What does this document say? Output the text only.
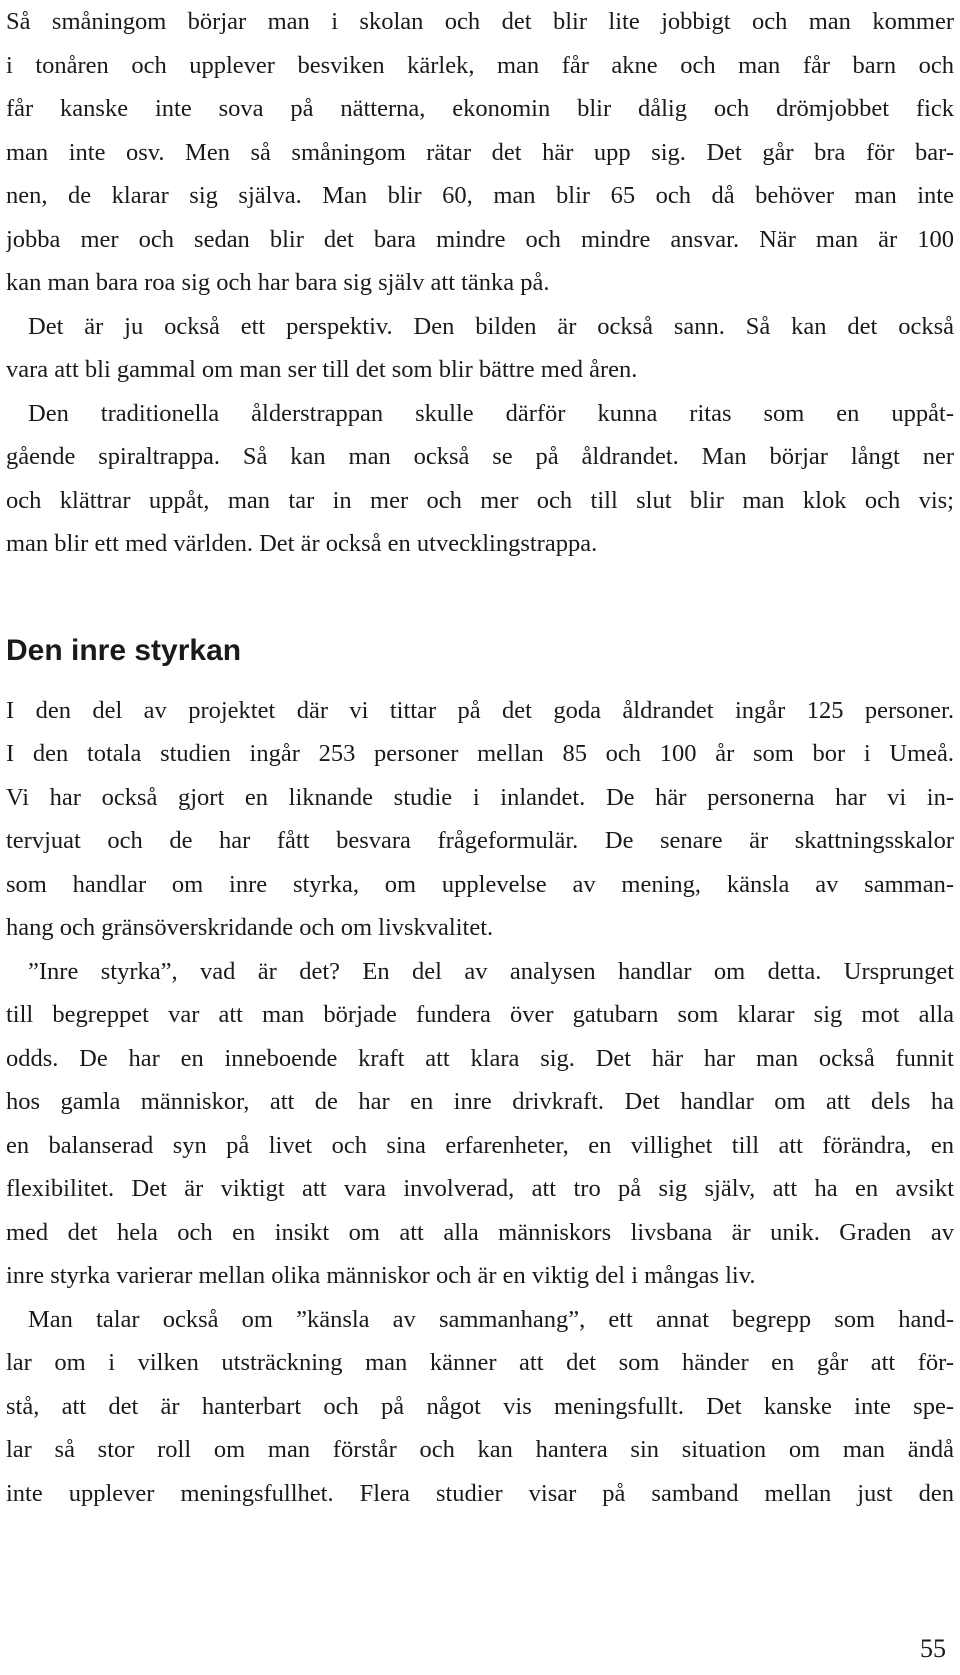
Så småningom börjar man i skolan och det blir lite jobbigt och man kommer
i tonåren och upplever besviken kärlek, man får akne och man får barn och
får kanske inte sova på nätterna, ekonomin blir dålig och drömjobbet fick
man inte osv. Men så småningom rätar det här upp sig. Det går bra för bar-
nen, de klarar sig själva. Man blir 60, man blir 65 och då behöver man inte
jobba mer och sedan blir det bara mindre och mindre ansvar. När man är 100
kan man bara roa sig och har bara sig själv att tänka på.
Det är ju också ett perspektiv. Den bilden är också sann. Så kan det också
vara att bli gammal om man ser till det som blir bättre med åren.
Den traditionella ålderstrappan skulle därför kunna ritas som en uppåt-
gående spiraltrappa. Så kan man också se på åldrandet. Man börjar långt ner
och klättrar uppåt, man tar in mer och mer och till slut blir man klok och vis;
man blir ett med världen. Det är också en utvecklingstrappa.
Den inre styrkan
I den del av projektet där vi tittar på det goda åldrandet ingår 125 personer.
I den totala studien ingår 253 personer mellan 85 och 100 år som bor i Umeå.
Vi har också gjort en liknande studie i inlandet. De här personerna har vi in-
tervjuat och de har fått besvara frågeformulär. De senare är skattningsskalor
som handlar om inre styrka, om upplevelse av mening, känsla av samman-
hang och gränsöverskridande och om livskvalitet.
”Inre styrka”, vad är det? En del av analysen handlar om detta. Ursprunget
till begreppet var att man började fundera över gatubarn som klarar sig mot alla
odds. De har en inneboende kraft att klara sig. Det här har man också funnit
hos gamla människor, att de har en inre drivkraft. Det handlar om att dels ha
en balanserad syn på livet och sina erfarenheter, en villighet till att förändra, en
flexibilitet. Det är viktigt att vara involverad, att tro på sig själv, att ha en avsikt
med det hela och en insikt om att alla människors livsbana är unik. Graden av
inre styrka varierar mellan olika människor och är en viktig del i mångas liv.
Man talar också om ”känsla av sammanhang”, ett annat begrepp som hand-
lar om i vilken utsträckning man känner att det som händer en går att för-
stå, att det är hanterbart och på något vis meningsfullt. Det kanske inte spe-
lar så stor roll om man förstår och kan hantera sin situation om man ändå
inte upplever meningsfullhet. Flera studier visar på samband mellan just den
55
